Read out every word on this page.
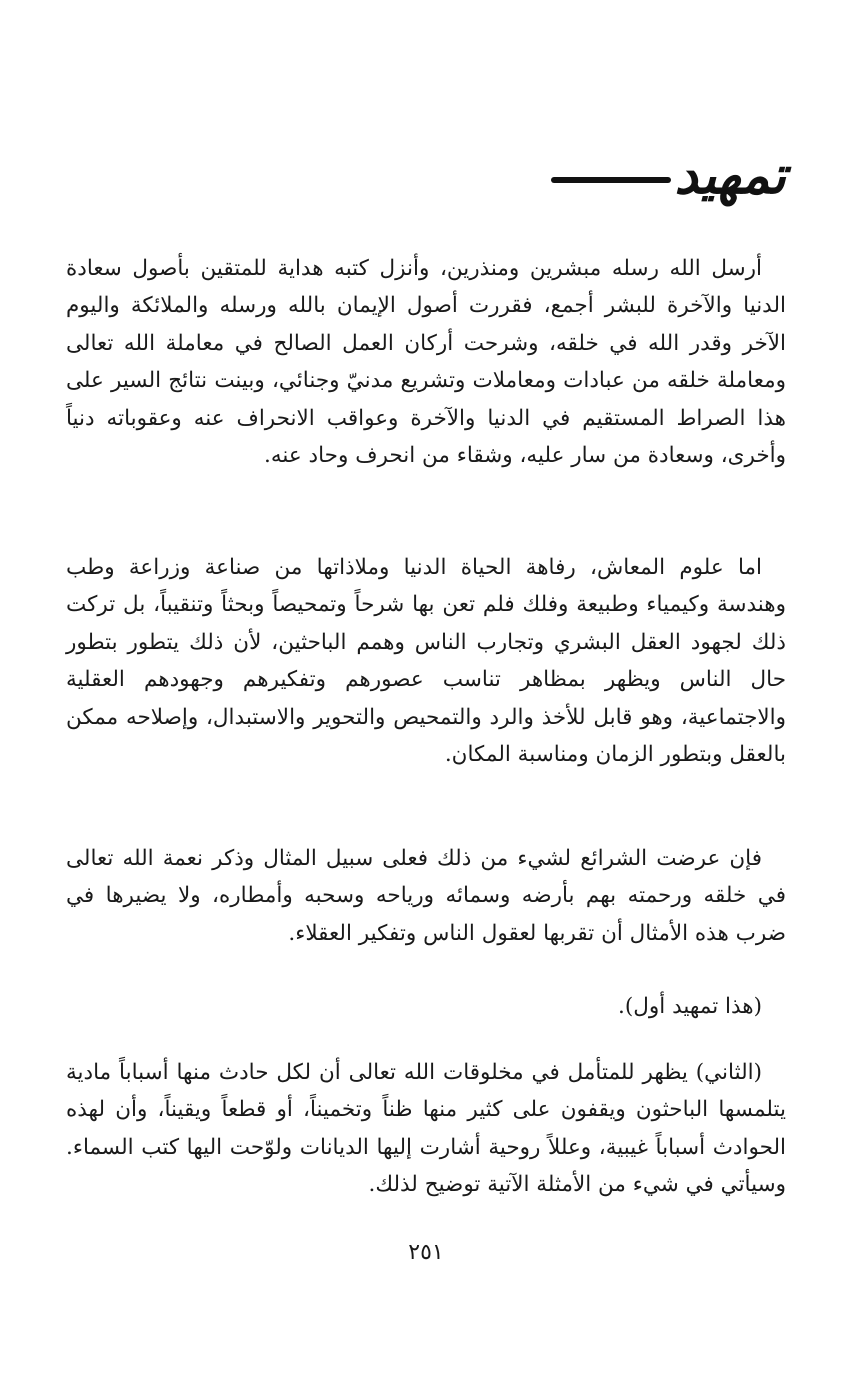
تمهيد

أرسل الله رسله مبشرين ومنذرين، وأنزل كتبه هداية للمتقين بأصول سعادة الدنيا والآخرة للبشر أجمع، فقررت أصول الإيمان بالله ورسله والملائكة واليوم الآخر وقدر الله في خلقه، وشرحت أركان العمل الصالح في معاملة الله تعالى ومعاملة خلقه من عبادات ومعاملات وتشريع مدنيّ وجنائي، وبينت نتائج السير على هذا الصراط المستقيم في الدنيا والآخرة وعواقب الانحراف عنه وعقوباته دنياً وأخرى، وسعادة من سار عليه، وشقاء من انحرف وحاد عنه.

اما علوم المعاش، رفاهة الحياة الدنيا وملاذاتها من صناعة وزراعة وطب وهندسة وكيمياء وطبيعة وفلك فلم تعن بها شرحاً وتمحيصاً وبحثاً وتنقيباً، بل تركت ذلك لجهود العقل البشري وتجارب الناس وهمم الباحثين، لأن ذلك يتطور بتطور حال الناس ويظهر بمظاهر تناسب عصورهم وتفكيرهم وجهودهم العقلية والاجتماعية، وهو قابل للأخذ والرد والتمحيص والتحوير والاستبدال، وإصلاحه ممكن بالعقل وبتطور الزمان ومناسبة المكان.

فإن عرضت الشرائع لشيء من ذلك فعلى سبيل المثال وذكر نعمة الله تعالى في خلقه ورحمته بهم بأرضه وسمائه ورياحه وسحبه وأمطاره، ولا يضيرها في ضرب هذه الأمثال أن تقربها لعقول الناس وتفكير العقلاء.

(هذا تمهيد أول).

(الثاني) يظهر للمتأمل في مخلوقات الله تعالى أن لكل حادث منها أسباباً مادية يتلمسها الباحثون ويقفون على كثير منها ظناً وتخميناً، أو قطعاً ويقيناً، وأن لهذه الحوادث أسباباً غيبية، وعللاً روحية أشارت إليها الديانات ولوّحت اليها كتب السماء. وسيأتي في شيء من الأمثلة الآتية توضيح لذلك.

٢٥١
